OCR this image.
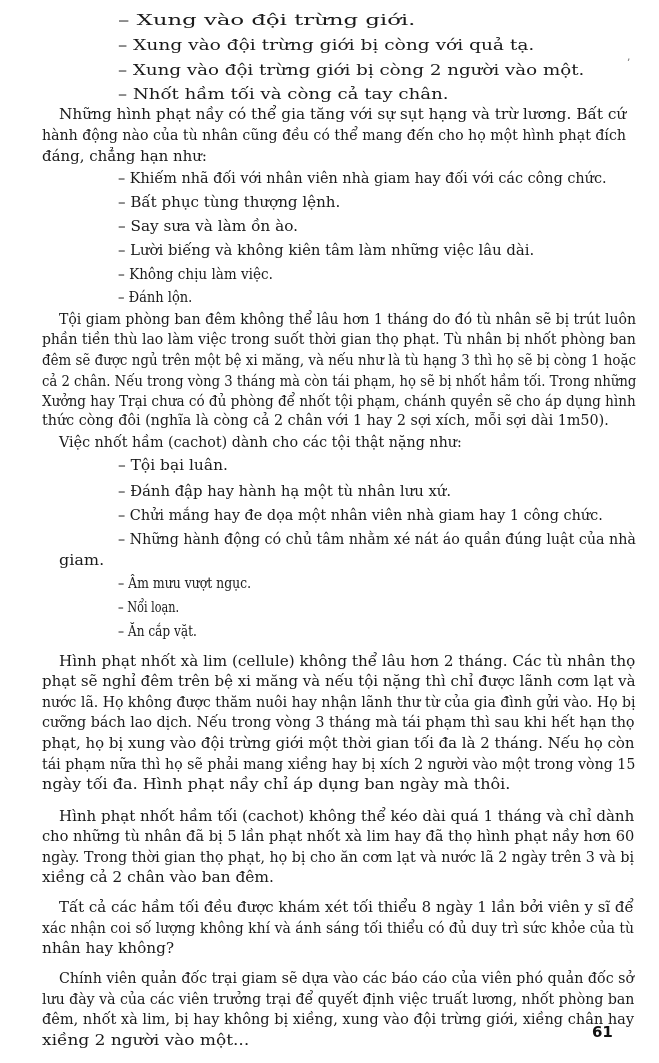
– Xung vào đội trừng giới.
– Xung vào đội trừng giới bị còng với quả tạ.
– Xung vào đội trừng giới bị còng 2 người vào một.
– Nhốt hầm tối và còng cả tay chân.
Những hình phạt nầy có thể gia tăng với sự sụt hạng và trừ lương. Bất cứ
hành động nào của tù nhân cũng đều có thể mang đến cho họ một hình phạt đích
đáng, chẳng hạn như:
– Khiếm nhã đối với nhân viên nhà giam hay đối với các công chức.
– Bất phục tùng thượng lệnh.
– Say sưa và làm ồn ào.
– Lười biếng và không kiên tâm làm những việc lâu dài.
– Không chịu làm việc.
– Đánh lộn.
Tội giam phòng ban đêm không thể lâu hơn 1 tháng do đó tù nhân sẽ bị trút luôn
phần tiền thù lao làm việc trong suốt thời gian thọ phạt. Tù nhân bị nhốt phòng ban
đêm sẽ được ngủ trên một bệ xi măng, và nếu như là tù hạng 3 thì họ sẽ bị còng 1 hoặc
cả 2 chân. Nếu trong vòng 3 tháng mà còn tái phạm, họ sẽ bị nhốt hầm tối. Trong những
Xưởng hay Trại chưa có đủ phòng để nhốt tội phạm, chánh quyền sẽ cho áp dụng hình
thức còng đôi (nghĩa là còng cả 2 chân với 1 hay 2 sợi xích, mỗi sợi dài 1m50).
Việc nhốt hầm (cachot) dành cho các tội thật nặng như:
– Tội bại luân.
– Đánh đập hay hành hạ một tù nhân lưu xứ.
– Chửi mắng hay đe dọa một nhân viên nhà giam hay 1 công chức.
– Những hành động có chủ tâm nhằm xé nát áo quần đúng luật của nhà
giam.
– Âm mưu vượt ngục.
– Nổi loạn.
– Ăn cắp vặt.
Hình phạt nhốt xà lim (cellule) không thể lâu hơn 2 tháng. Các tù nhân thọ
phạt sẽ nghỉ đêm trên bệ xi măng và nếu tội nặng thì chỉ được lãnh cơm lạt và
nước lã. Họ không được thăm nuôi hay nhận lãnh thư từ của gia đình gửi vào. Họ bị
cưỡng bách lao dịch. Nếu trong vòng 3 tháng mà tái phạm thì sau khi hết hạn thọ
phạt, họ bị xung vào đội trừng giới một thời gian tối đa là 2 tháng. Nếu họ còn
tái phạm nữa thì họ sẽ phải mang xiềng hay bị xích 2 người vào một trong vòng 15
ngày tối đa. Hình phạt nầy chỉ áp dụng ban ngày mà thôi.
Hình phạt nhốt hầm tối (cachot) không thể kéo dài quá 1 tháng và chỉ dành
cho những tù nhân đã bị 5 lần phạt nhốt xà lim hay đã thọ hình phạt nầy hơn 60
ngày. Trong thời gian thọ phạt, họ bị cho ăn cơm lạt và nước lã 2 ngày trên 3 và bị
xiềng cả 2 chân vào ban đêm.
Tất cả các hầm tối đều được khám xét tối thiểu 8 ngày 1 lần bởi viên y sĩ để
xác nhận coi số lượng không khí và ánh sáng tối thiểu có đủ duy trì sức khỏe của tù
nhân hay không?
Chính viên quản đốc trại giam sẽ dựa vào các báo cáo của viên phó quản đốc sở
lưu đày và của các viên trưởng trại để quyết định việc truất lương, nhốt phòng ban
đêm, nhốt xà lim, bị hay không bị xiềng, xung vào đội trừng giới, xiềng chân hay
xiềng 2 người vào một...
’
61
